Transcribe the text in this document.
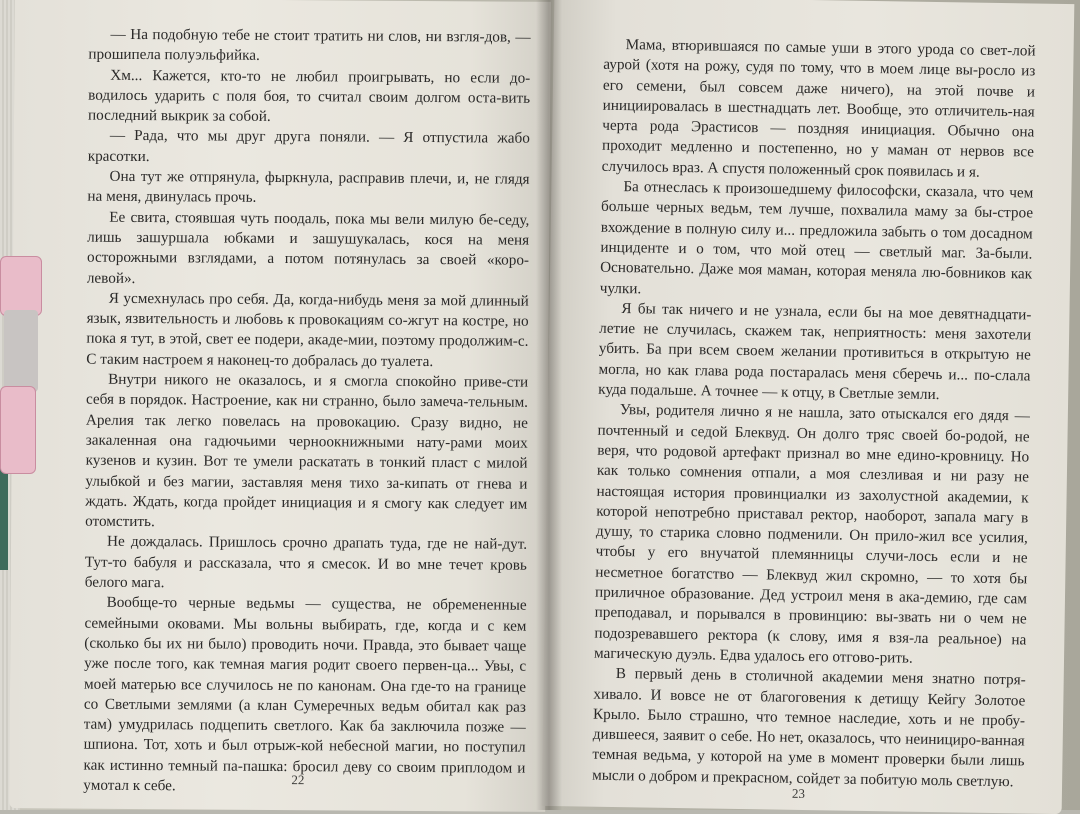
— На подобную тебе не стоит тратить ни слов, ни взгля-дов, — прошипела полуэльфийка.

Хм... Кажется, кто-то не любил проигрывать, но если до-водилось ударить с поля боя, то считал своим долгом оста-вить последний выкрик за собой.

— Рада, что мы друг друга поняли. — Я отпустила жабо красотки.

Она тут же отпрянула, фыркнула, расправив плечи, и, не глядя на меня, двинулась прочь.

Ее свита, стоявшая чуть поодаль, пока мы вели милую бе-седу, лишь зашуршала юбками и зашушукалась, кося на меня осторожными взглядами, а потом потянулась за своей «коро-левой».

Я усмехнулась про себя. Да, когда-нибудь меня за мой длинный язык, язвительность и любовь к провокациям со-жгут на костре, но пока я тут, в этой, свет ее подери, акаде-мии, поэтому продолжим-с. С таким настроем я наконец-то добралась до туалета.

Внутри никого не оказалось, и я смогла спокойно приве-сти себя в порядок. Настроение, как ни странно, было замеча-тельным. Арелия так легко повелась на провокацию. Сразу видно, не закаленная она гадючьими черноокнижными нату-рами моих кузенов и кузин. Вот те умели раскатать в тонкий пласт с милой улыбкой и без магии, заставляя меня тихо за-кипать от гнева и ждать. Ждать, когда пройдет инициация и я смогу как следует им отомстить.

Не дождалась. Пришлось срочно драпать туда, где не най-дут. Тут-то бабуля и рассказала, что я смесок. И во мне течет кровь белого мага.

Вообще-то черные ведьмы — существа, не обремененные семейными оковами. Мы вольны выбирать, где, когда и с кем (сколько бы их ни было) проводить ночи. Правда, это бывает чаще уже после того, как темная магия родит своего первен-ца... Увы, с моей матерью все случилось не по канонам. Она где-то на границе со Светлыми землями (а клан Сумеречных ведьм обитал как раз там) умудрилась подцепить светлого. Как ба заключила позже — шпиона. Тот, хоть и был отрыж-кой небесной магии, но поступил как истинно темный па-пашка: бросил деву со своим приплодом и умотал к себе.	22

Мама, втюрившаяся по самые уши в этого урода со свет-лой аурой (хотя на рожу, судя по тому, что в моем лице вы-росло из его семени, был совсем даже ничего), на этой почве и инициировалась в шестнадцать лет. Вообще, это отличитель-ная черта рода Эрастисов — поздняя инициация. Обычно она проходит медленно и постепенно, но у маман от нервов все случилось враз. А спустя положенный срок появилась и я.

Ба отнеслась к произошедшему философски, сказала, что чем больше черных ведьм, тем лучше, похвалила маму за бы-строе вхождение в полную силу и... предложила забыть о том досадном инциденте и о том, что мой отец — светлый маг. За-были. Основательно. Даже моя маман, которая меняла лю-бовников как чулки.

Я бы так ничего и не узнала, если бы на мое девятнадцати-летие не случилась, скажем так, неприятность: меня захотели убить. Ба при всем своем желании противиться в открытую не могла, но как глава рода постаралась меня сберечь и... по-слала куда подальше. А точнее — к отцу, в Светлые земли.

Увы, родителя лично я не нашла, зато отыскался его дядя — почтенный и седой Блеквуд. Он долго тряс своей бо-родой, не веря, что родовой артефакт признал во мне едино-кровницу. Но как только сомнения отпали, а моя слезливая и ни разу не настоящая история провинциалки из захолустной академии, к которой непотребно приставал ректор, наоборот, запала магу в душу, то старика словно подменили. Он прило-жил все усилия, чтобы у его внучатой племянницы случи-лось если и не несметное богатство — Блеквуд жил скромно, — то хотя бы приличное образование. Дед устроил меня в ака-демию, где сам преподавал, и порывался в провинцию: вы-звать ни о чем не подозревавшего ректора (к слову, имя я взя-ла реальное) на магическую дуэль. Едва удалось его отгово-рить.

В первый день в столичной академии меня знатно потря-хивало. И вовсе не от благоговения к детищу Кейгу Золотое Крыло. Было страшно, что темное наследие, хоть и не пробу-дившееся, заявит о себе. Но нет, оказалось, что неинициро-ванная темная ведьма, у которой на уме в момент проверки были лишь мысли о добром и прекрасном, сойдет за побитую моль светлую.

23
